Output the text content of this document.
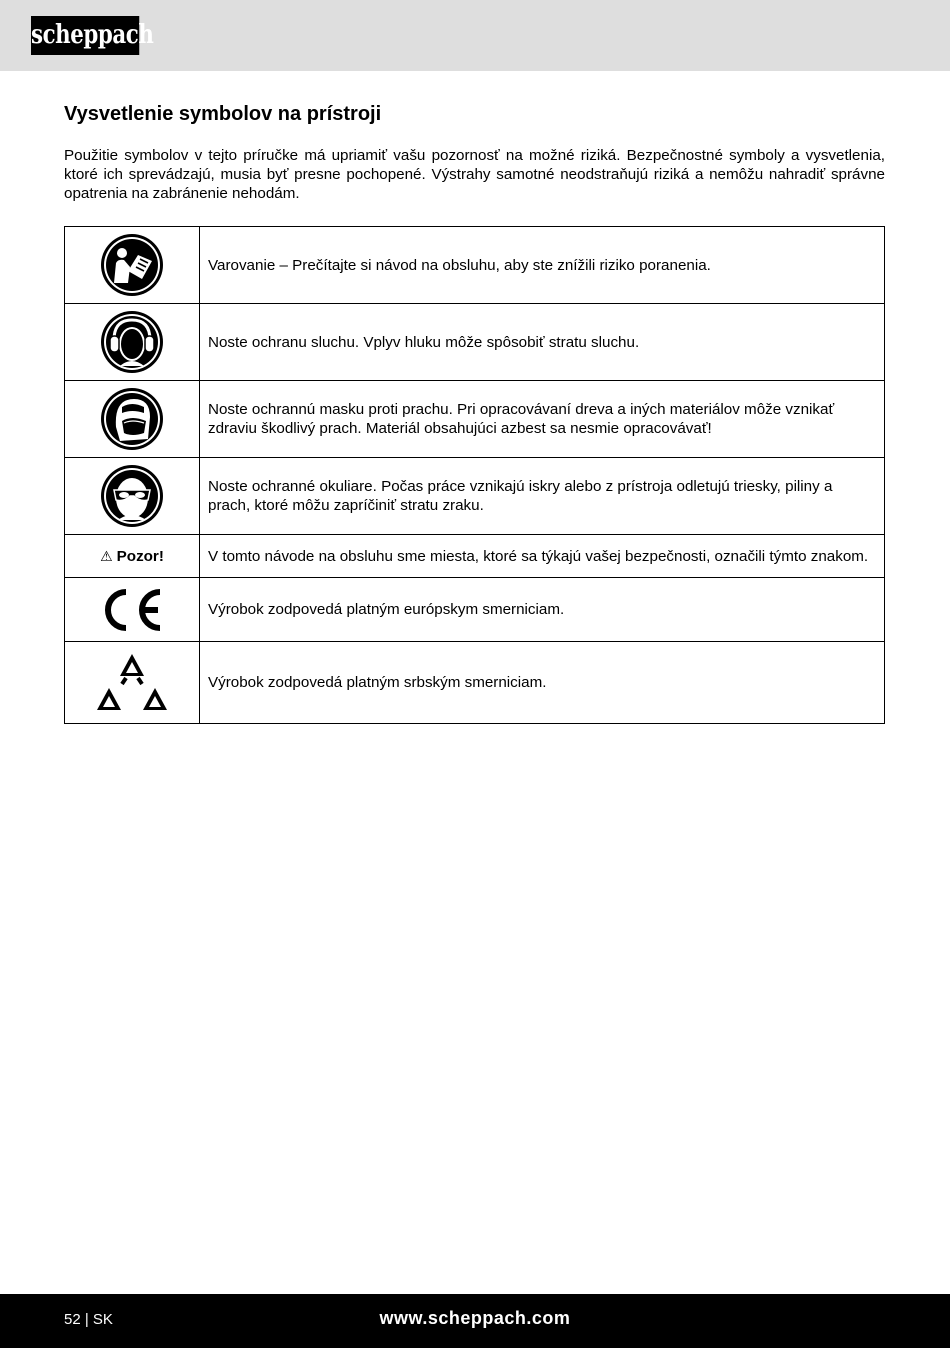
scheppach
Vysvetlenie symbolov na prístroji

Použitie symbolov v tejto príručke má upriamiť vašu pozornosť na možné riziká. Bezpečnostné symboly a vysvetlenia, ktoré ich sprevádzajú, musia byť presne pochopené. Výstrahy samotné neodstraňujú riziká a nemôžu nahradiť správne opatrenia na zabránenie nehodám.

	Varovanie – Prečítajte si návod na obsluhu, aby ste znížili riziko poranenia.

	Noste ochranu sluchu. Vplyv hluku môže spôsobiť stratu sluchu.

	Noste ochrannú masku proti prachu. Pri opracovávaní dreva a iných materiálov môže vznikať zdraviu škodlivý prach. Materiál obsahujúci azbest sa nesmie opracovávať!

	Noste ochranné okuliare. Počas práce vznikajú iskry alebo z prístroja odletujú triesky, piliny a prach, ktoré môžu zapríčiniť stratu zraku.
⚠ Pozor!	V tomto návode na obsluhu sme miesta, ktoré sa týkajú vašej bezpečnosti, označili týmto znakom.

	Výrobok zodpovedá platným európskym smerniciam.

	Výrobok zodpovedá platným srbským smerniciam.
52 | SK	www.scheppach.com
